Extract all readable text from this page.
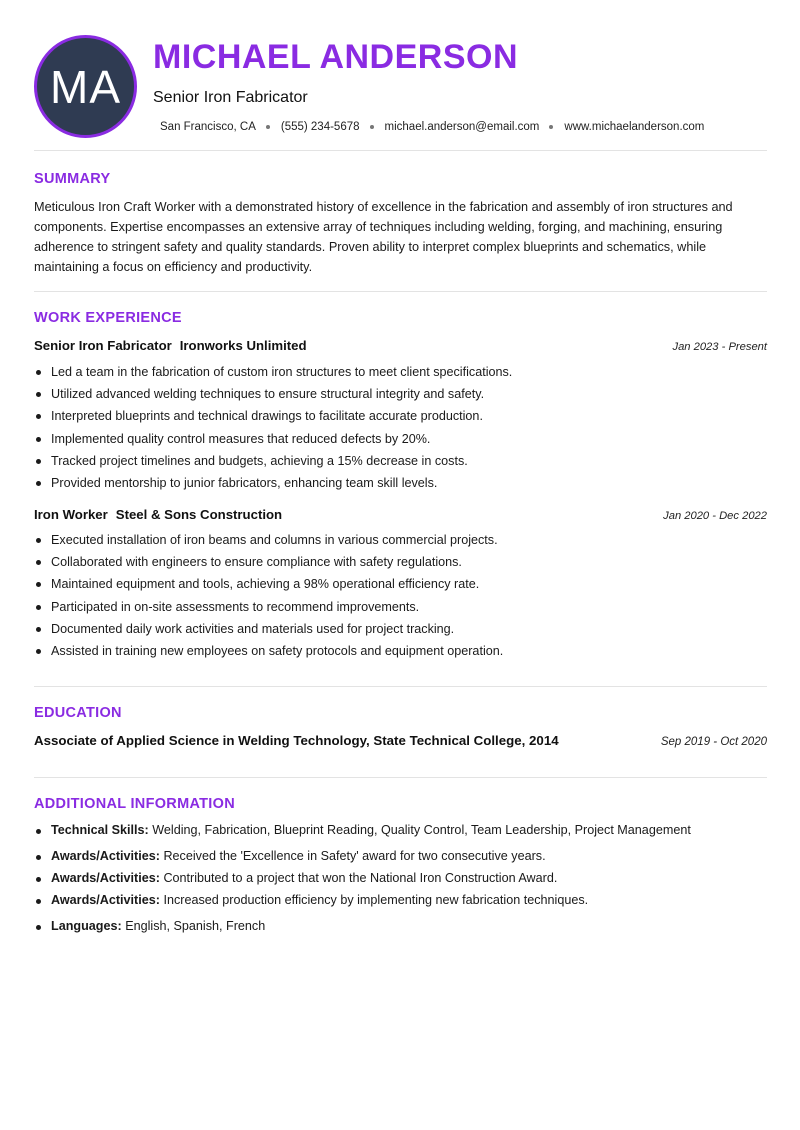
MA
MICHAEL ANDERSON
Senior Iron Fabricator
San Francisco, CA (555) 234-5678 michael.anderson@email.com www.michaelanderson.com
SUMMARY
Meticulous Iron Craft Worker with a demonstrated history of excellence in the fabrication and assembly of iron structures and components. Expertise encompasses an extensive array of techniques including welding, forging, and machining, ensuring adherence to stringent safety and quality standards. Proven ability to interpret complex blueprints and schematics, while maintaining a focus on efficiency and productivity.
WORK EXPERIENCE
Senior Iron Fabricator Ironworks Unlimited	Jan 2023 - Present
Led a team in the fabrication of custom iron structures to meet client specifications.
Utilized advanced welding techniques to ensure structural integrity and safety.
Interpreted blueprints and technical drawings to facilitate accurate production.
Implemented quality control measures that reduced defects by 20%.
Tracked project timelines and budgets, achieving a 15% decrease in costs.
Provided mentorship to junior fabricators, enhancing team skill levels.
Iron Worker Steel & Sons Construction	Jan 2020 - Dec 2022
Executed installation of iron beams and columns in various commercial projects.
Collaborated with engineers to ensure compliance with safety regulations.
Maintained equipment and tools, achieving a 98% operational efficiency rate.
Participated in on-site assessments to recommend improvements.
Documented daily work activities and materials used for project tracking.
Assisted in training new employees on safety protocols and equipment operation.
EDUCATION
Associate of Applied Science in Welding Technology, State Technical College, 2014	Sep 2019 - Oct 2020
ADDITIONAL INFORMATION
Technical Skills: Welding, Fabrication, Blueprint Reading, Quality Control, Team Leadership, Project Management
Awards/Activities: Received the 'Excellence in Safety' award for two consecutive years.
Awards/Activities: Contributed to a project that won the National Iron Construction Award.
Awards/Activities: Increased production efficiency by implementing new fabrication techniques.
Languages: English, Spanish, French
